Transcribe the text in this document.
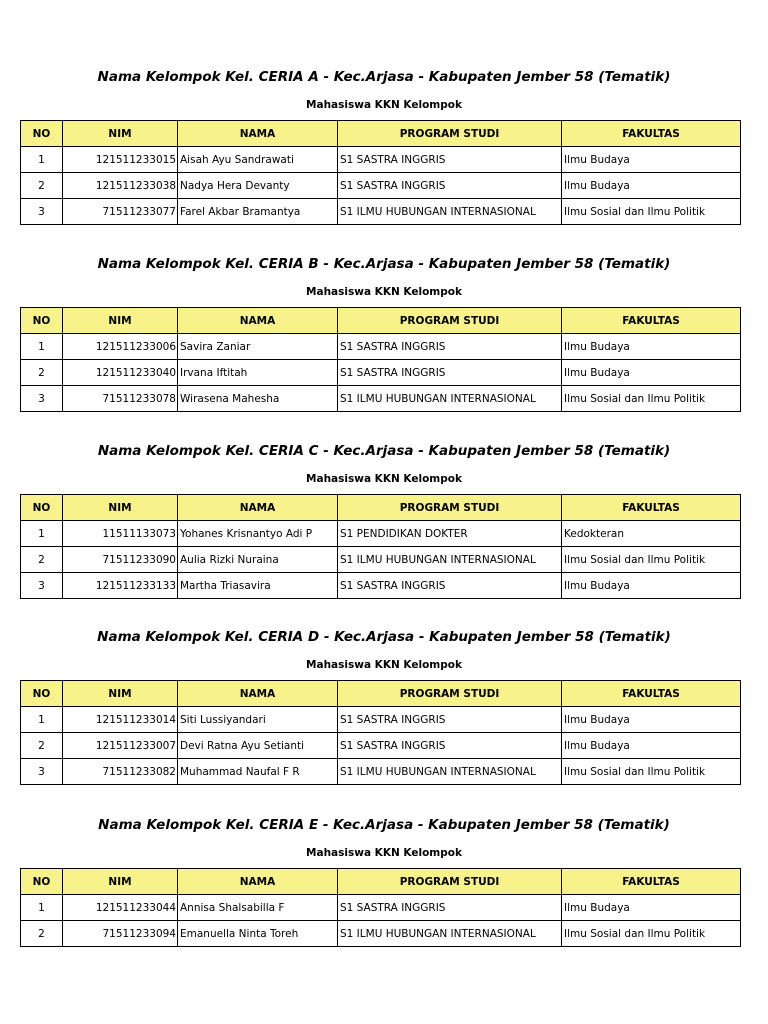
Nama Kelompok Kel. CERIA A - Kec.Arjasa - Kabupaten Jember 58 (Tematik)
Mahasiswa KKN Kelompok
NO	NIM	NAMA	PROGRAM STUDI	FAKULTAS
1	121511233015	Aisah Ayu Sandrawati	S1 SASTRA INGGRIS	Ilmu Budaya
2	121511233038	Nadya Hera Devanty	S1 SASTRA INGGRIS	Ilmu Budaya
3	71511233077	Farel Akbar Bramantya	S1 ILMU HUBUNGAN INTERNASIONAL	Ilmu Sosial dan Ilmu Politik
Nama Kelompok Kel. CERIA B - Kec.Arjasa - Kabupaten Jember 58 (Tematik)
Mahasiswa KKN Kelompok
NO	NIM	NAMA	PROGRAM STUDI	FAKULTAS
1	121511233006	Savira Zaniar	S1 SASTRA INGGRIS	Ilmu Budaya
2	121511233040	Irvana Iftitah	S1 SASTRA INGGRIS	Ilmu Budaya
3	71511233078	Wirasena Mahesha	S1 ILMU HUBUNGAN INTERNASIONAL	Ilmu Sosial dan Ilmu Politik
Nama Kelompok Kel. CERIA C - Kec.Arjasa - Kabupaten Jember 58 (Tematik)
Mahasiswa KKN Kelompok
NO	NIM	NAMA	PROGRAM STUDI	FAKULTAS
1	11511133073	Yohanes Krisnantyo Adi P	S1 PENDIDIKAN DOKTER	Kedokteran
2	71511233090	Aulia Rizki Nuraina	S1 ILMU HUBUNGAN INTERNASIONAL	Ilmu Sosial dan Ilmu Politik
3	121511233133	Martha Triasavira	S1 SASTRA INGGRIS	Ilmu Budaya
Nama Kelompok Kel. CERIA D - Kec.Arjasa - Kabupaten Jember 58 (Tematik)
Mahasiswa KKN Kelompok
NO	NIM	NAMA	PROGRAM STUDI	FAKULTAS
1	121511233014	Siti Lussiyandari	S1 SASTRA INGGRIS	Ilmu Budaya
2	121511233007	Devi Ratna Ayu Setianti	S1 SASTRA INGGRIS	Ilmu Budaya
3	71511233082	Muhammad Naufal F R	S1 ILMU HUBUNGAN INTERNASIONAL	Ilmu Sosial dan Ilmu Politik
Nama Kelompok Kel. CERIA E - Kec.Arjasa - Kabupaten Jember 58 (Tematik)
Mahasiswa KKN Kelompok
NO	NIM	NAMA	PROGRAM STUDI	FAKULTAS
1	121511233044	Annisa Shalsabilla F	S1 SASTRA INGGRIS	Ilmu Budaya
2	71511233094	Emanuella Ninta Toreh	S1 ILMU HUBUNGAN INTERNASIONAL	Ilmu Sosial dan Ilmu Politik
